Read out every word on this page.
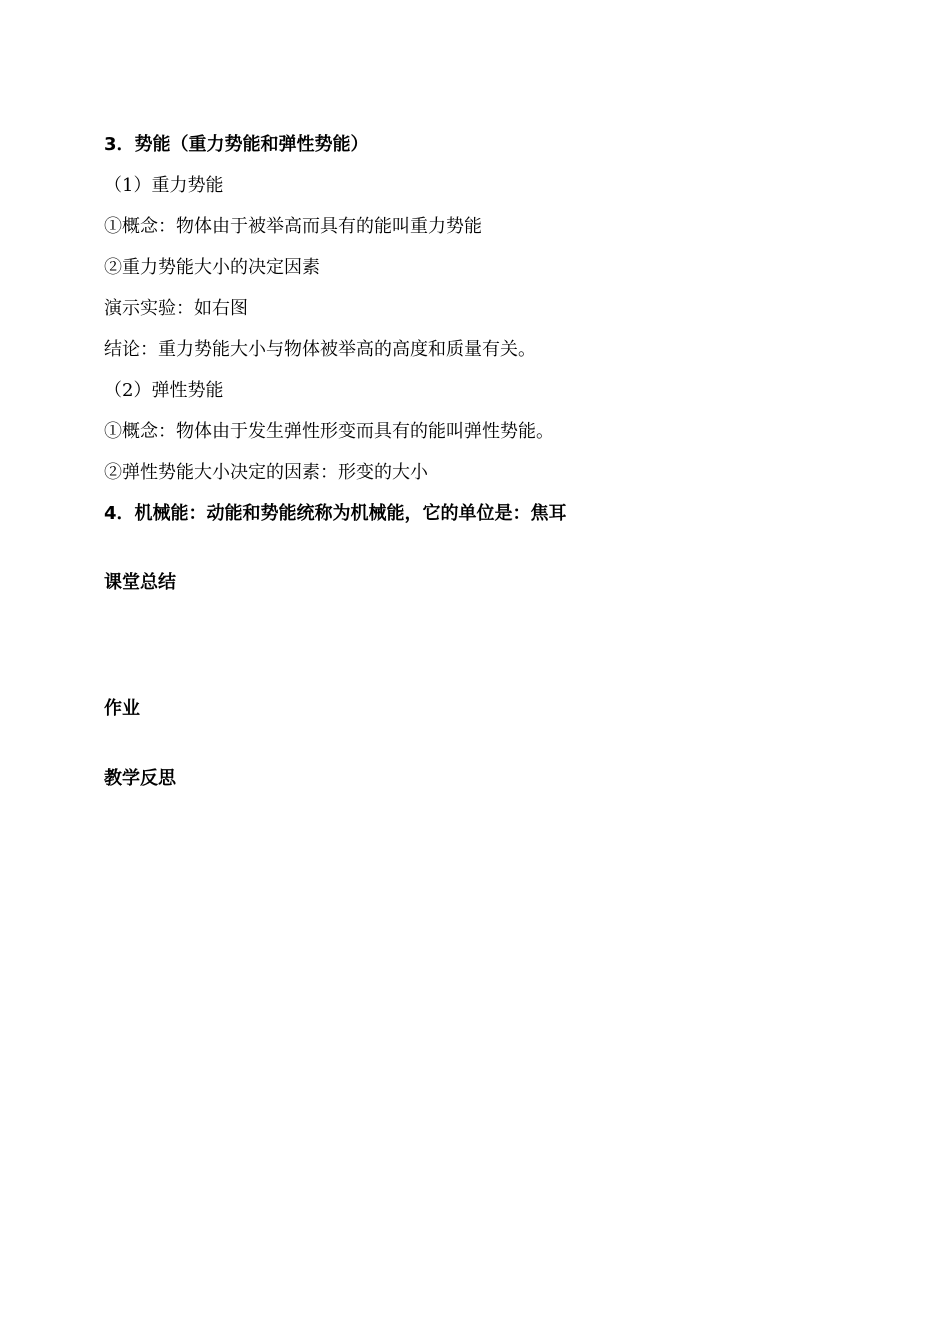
3．势能（重力势能和弹性势能）
（1）重力势能
①概念：物体由于被举高而具有的能叫重力势能
②重力势能大小的决定因素
演示实验：如右图
结论：重力势能大小与物体被举高的高度和质量有关。
（2）弹性势能
①概念：物体由于发生弹性形变而具有的能叫弹性势能。
②弹性势能大小决定的因素：形变的大小
4．机械能：动能和势能统称为机械能，它的单位是：焦耳
课堂总结
作业
教学反思
